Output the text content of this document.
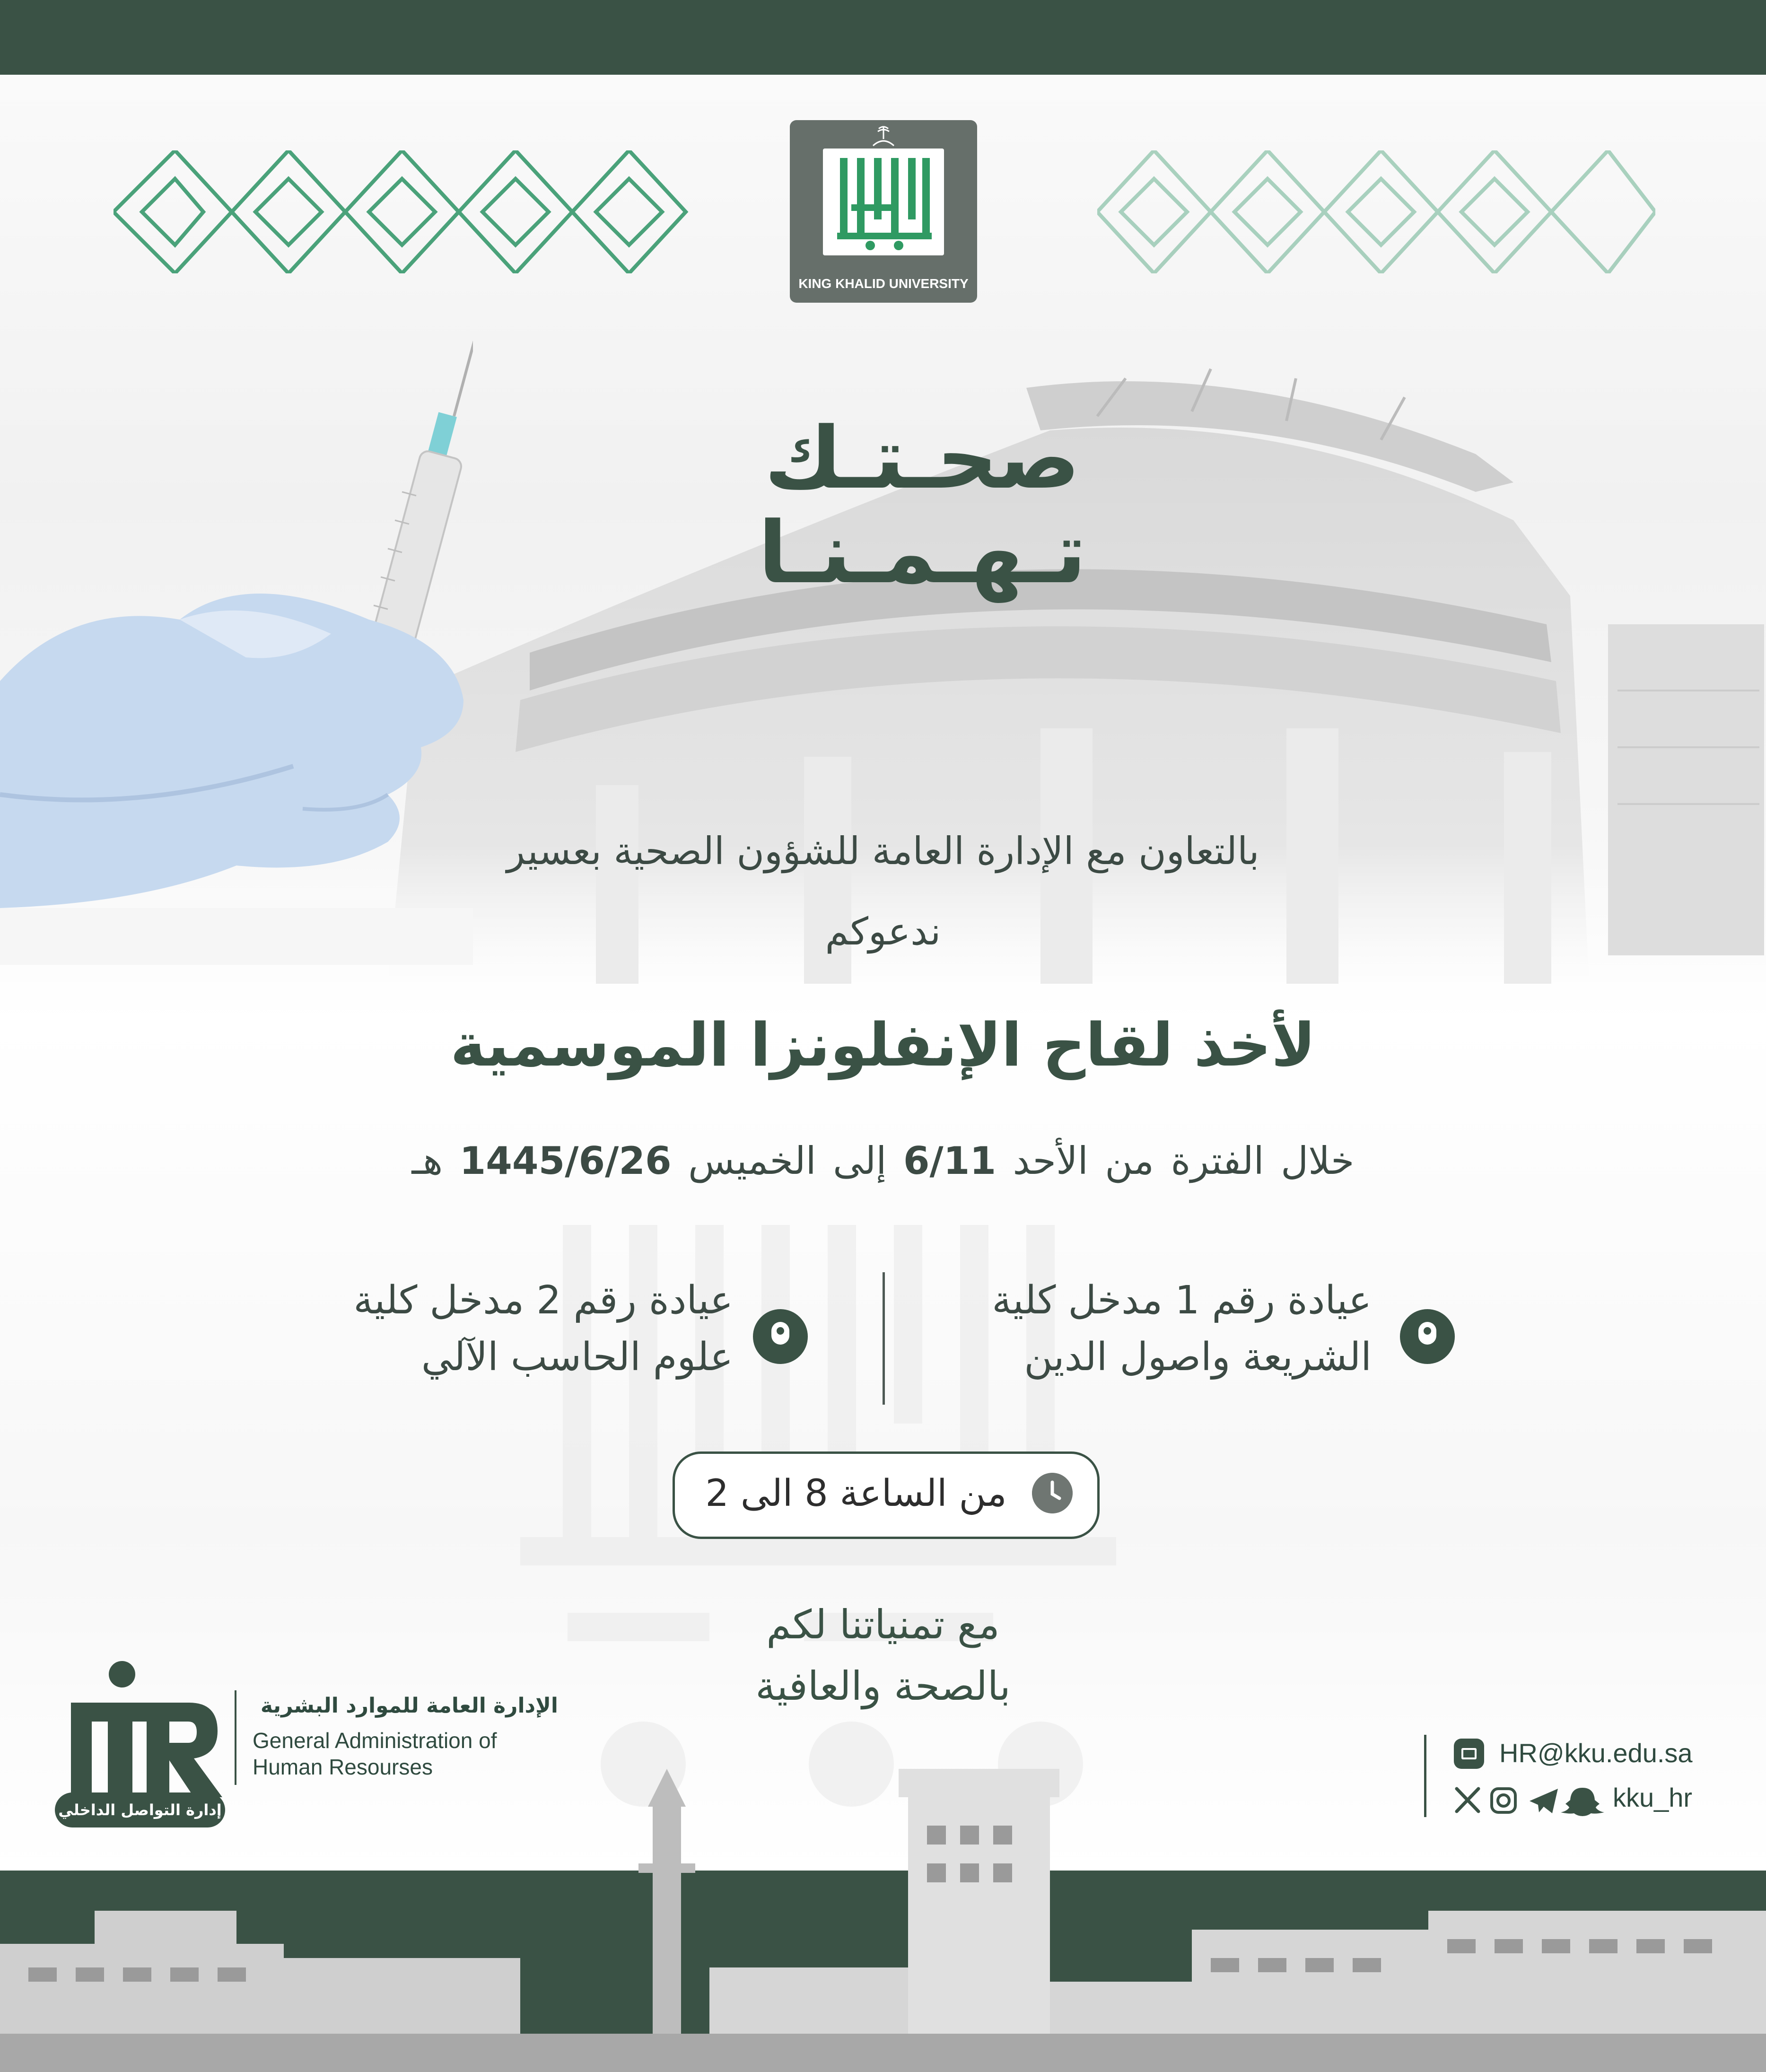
KING KHALID UNIVERSITY
صحـتـك
تـهـمـنـا
بالتعاون مع الإدارة العامة للشؤون الصحية بعسير
ندعوكم
لأخذ لقاح الإنفلونزا الموسمية
خلال الفترة من الأحد 6/11 إلى الخميس 1445/6/26 هـ
عيادة رقم 1 مدخل كلية
الشريعة واصول الدين
عيادة رقم 2 مدخل كلية
علوم الحاسب الآلي
من الساعة 8 الى 2
مع تمنياتنا لكم
بالصحة والعافية
الإدارة العامة للموارد البشرية
General Administration of
Human Resourses
إدارة التواصل الداخلي
HR@kku.edu.sa
kku_hr
